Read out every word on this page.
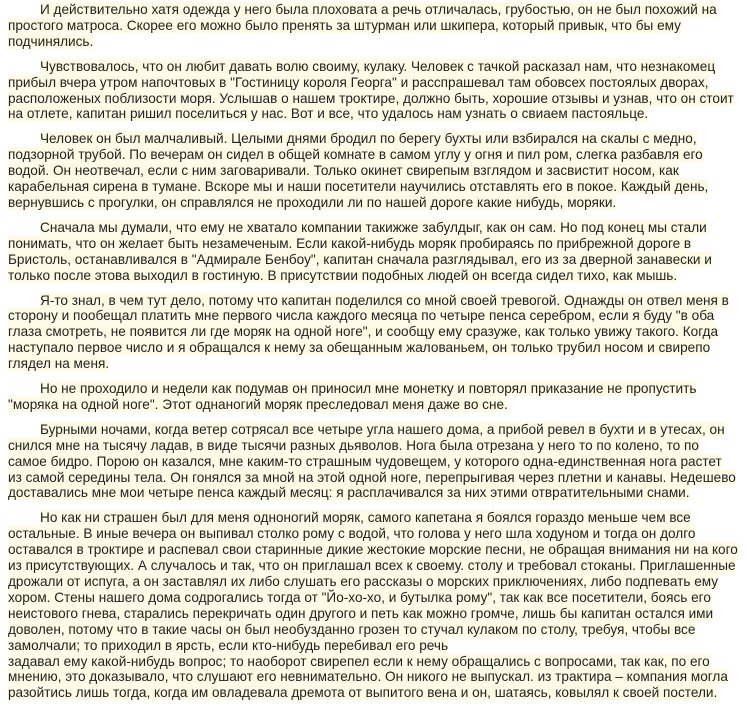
И действительно хатя одежда у него была плоховата а речь отличалась, грубостью, он не был похожий на простого матроса. Скорее его можно было пренять за штурман или шкипера, который привык, что бы ему подчинялись.

Чувствовалось, что он любит давать волю своиму, кулаку. Человек с тачкой расказал нам, что незнакомец прибыл вчера утром напочтовых в "Гостиницу короля Георга" и расспрашевал там обовсех постоялых дворах, расположеных поблизости моря. Услышав о нашем троктире, должно быть, хорошие отзывы и узнав, что он стоит на отлете, капитан ришил поселиться у нас. Вот и все, что удалось нам узнать о свиаем пастояльце.

Человек он был малчаливый. Целыми днями бродил по берегу бухты или взбирался на скалы с медно, подзорной трубой. По вечерам он сидел в общей комнате в самом углу у огня и пил ром, слегка разбавля его водой. Он неотвечал, если с ним заговаривали. Только окинет свирепым взглядом и засвистит носом, как карабельная сирена в тумане. Вскоре мы и наши посетители научились отставлять его в покое. Каждый день, вернувшись с прогулки, он справлялся не проходили ли по нашей дороге какие нибудь, моряки.

Сначала мы думали, что ему не хватало компании такижже забулдыг, как он сам. Но под конец мы стали понимать, что он желает быть незамеченым. Если какой-нибудь моряк пробираясь по прибрежной дороге в Бристоль, останавливался в "Адмирале Бенбоу", капитан сначала разглядывал, его из за дверной занавески и только после этова выходил в гостиную. В присутствии подобных людей он всегда сидел тихо, как мышь.

Я-то знал, в чем тут дело, потому что капитан поделился со мной своей тревогой. Однажды он отвел меня в сторону и пообещал платить мне первого числа каждого месяца по четыре пенса серебром, если я буду "в оба глаза смотреть, не появится ли где моряк на одной ноге", и сообщу ему сразуже, как только увижу такого. Когда наступало первое число и я обращался к нему за обещанным жалованьем, он только трубил носом и свирепо глядел на меня.

Но не проходило и недели как подумав он приносил мне монетку и повторял приказание не пропустить "моряка на одной ноге". Этот однаногий моряк преследовал меня даже во сне.

Бурными ночами, когда ветер сотрясал все четыре угла нашего дома, а прибой ревел в бухти и в утесах, он снился мне на тысячу ладав, в виде тысячи разных дьяволов. Нога была отрезана у него то по колено, то по самое бидро. Порою он казался, мне каким-то страшным чудовещем, у которого одна-единственная нога растет из самой середины тела. Он гонялся за мной на этой одной ноге, перепрыгивая через плетни и канавы. Недешево доставались мне мои четыре пенса каждый месяц: я расплачивался за них этими отвратительными снами.

Но как ни страшен был для меня одноногий моряк, самого капетана я боялся гораздо меньше чем все остальные. В иные вечера он выпивал столко рому с водой, что голова у него шла ходуном и тогда он долго оставался в троктире и распевал свои старинные дикие жестокие морские песни, не обращая внимания ни на кого из присутствующих. А случалось и так, что он приглашал всех к своему. столу и требовал стоканы. Приглашенные дрожали от испуга, а он заставлял их либо слушать его рассказы о морских приключениях, либо подпевать ему хором. Стены нашего дома содрогались тогда от "Йо-хо-хо, и бутылка рому", так как все посетители, боясь его неистового гнева, старались перекричать один другого и петь как можно громче, лишь бы капитан остался ими доволен, потому что в такие часы он был необузданно грозен то стучал кулаком по столу, требуя, чтобы все замолчали; то приходил в ярсть, если кто-нибудь перебивал его речь

задавал ему какой-нибудь вопрос; то наоборот свирепел если к нему обращались с вопросами, так как, по его мнению, это доказывало, что слушают его невнимательно. Он никого не выпускал. из трактира – компания могла разойтись лишь тогда, когда им овладевала дремота от выпитого вена и он, шатаясь, ковылял к своей постели.
